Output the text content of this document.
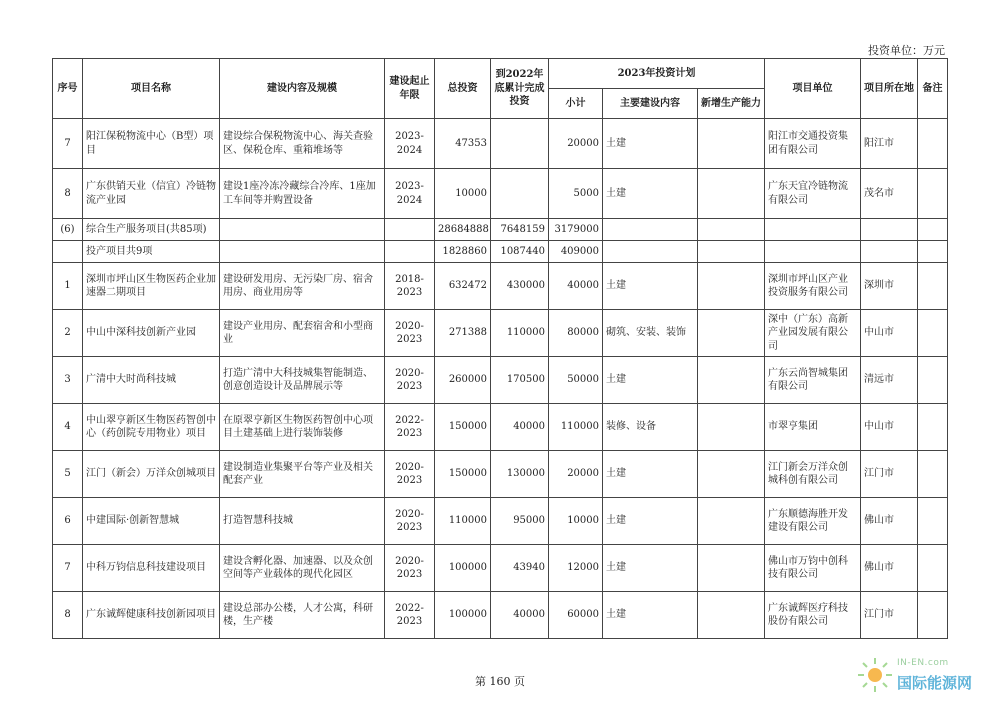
投资单位：万元
序号	项目名称	建设内容及规模	建设起止年限	总投资	到2022年底累计完成投资	2023年投资计划			项目单位	项目所在地	备注
						小计	主要建设内容	新增生产能力			
7	阳江保税物流中心（B型）项目	建设综合保税物流中心、海关查验区、保税仓库、重箱堆场等	2023-2024	47353		20000	土建		阳江市交通投资集团有限公司	阳江市	
8	广东供销天业（信宜）冷链物流产业园	建设1座冷冻冷藏综合冷库、1座加工车间等并购置设备	2023-2024	10000		5000	土建		广东天宜冷链物流有限公司	茂名市	
(6)	综合生产服务项目(共85项)			28684888	7648159	3179000					
	投产项目共9项			1828860	1087440	409000					
1	深圳市坪山区生物医药企业加速器二期项目	建设研发用房、无污染厂房、宿舍用房、商业用房等	2018-2023	632472	430000	40000	土建		深圳市坪山区产业投资服务有限公司	深圳市	
2	中山中深科技创新产业园	建设产业用房、配套宿舍和小型商业	2020-2023	271388	110000	80000	砌筑、安装、装饰		深中（广东）高新产业园发展有限公司	中山市	
3	广清中大时尚科技城	打造广清中大科技城集智能制造、创意创造设计及品牌展示等	2020-2023	260000	170500	50000	土建		广东云尚智城集团有限公司	清远市	
4	中山翠亨新区生物医药智创中心（药创院专用物业）项目	在原翠亨新区生物医药智创中心项目土建基础上进行装饰装修	2022-2023	150000	40000	110000	装修、设备		市翠亨集团	中山市	
5	江门（新会）万洋众创城项目	建设制造业集聚平台等产业及相关配套产业	2020-2023	150000	130000	20000	土建		江门新会万洋众创城科创有限公司	江门市	
6	中建国际·创新智慧城	打造智慧科技城	2020-2023	110000	95000	10000	土建		广东顺德海胜开发建设有限公司	佛山市	
7	中科万钧信息科技建设项目	建设含孵化器、加速器、以及众创空间等产业载体的现代化园区	2020-2023	100000	43940	12000	土建		佛山市万钧中创科技有限公司	佛山市	
8	广东诚辉健康科技创新园项目	建设总部办公楼，人才公寓，科研楼，生产楼	2022-2023	100000	40000	60000	土建		广东诚辉医疗科技股份有限公司	江门市	
第 160 页
IN-EN.com
国际能源网
